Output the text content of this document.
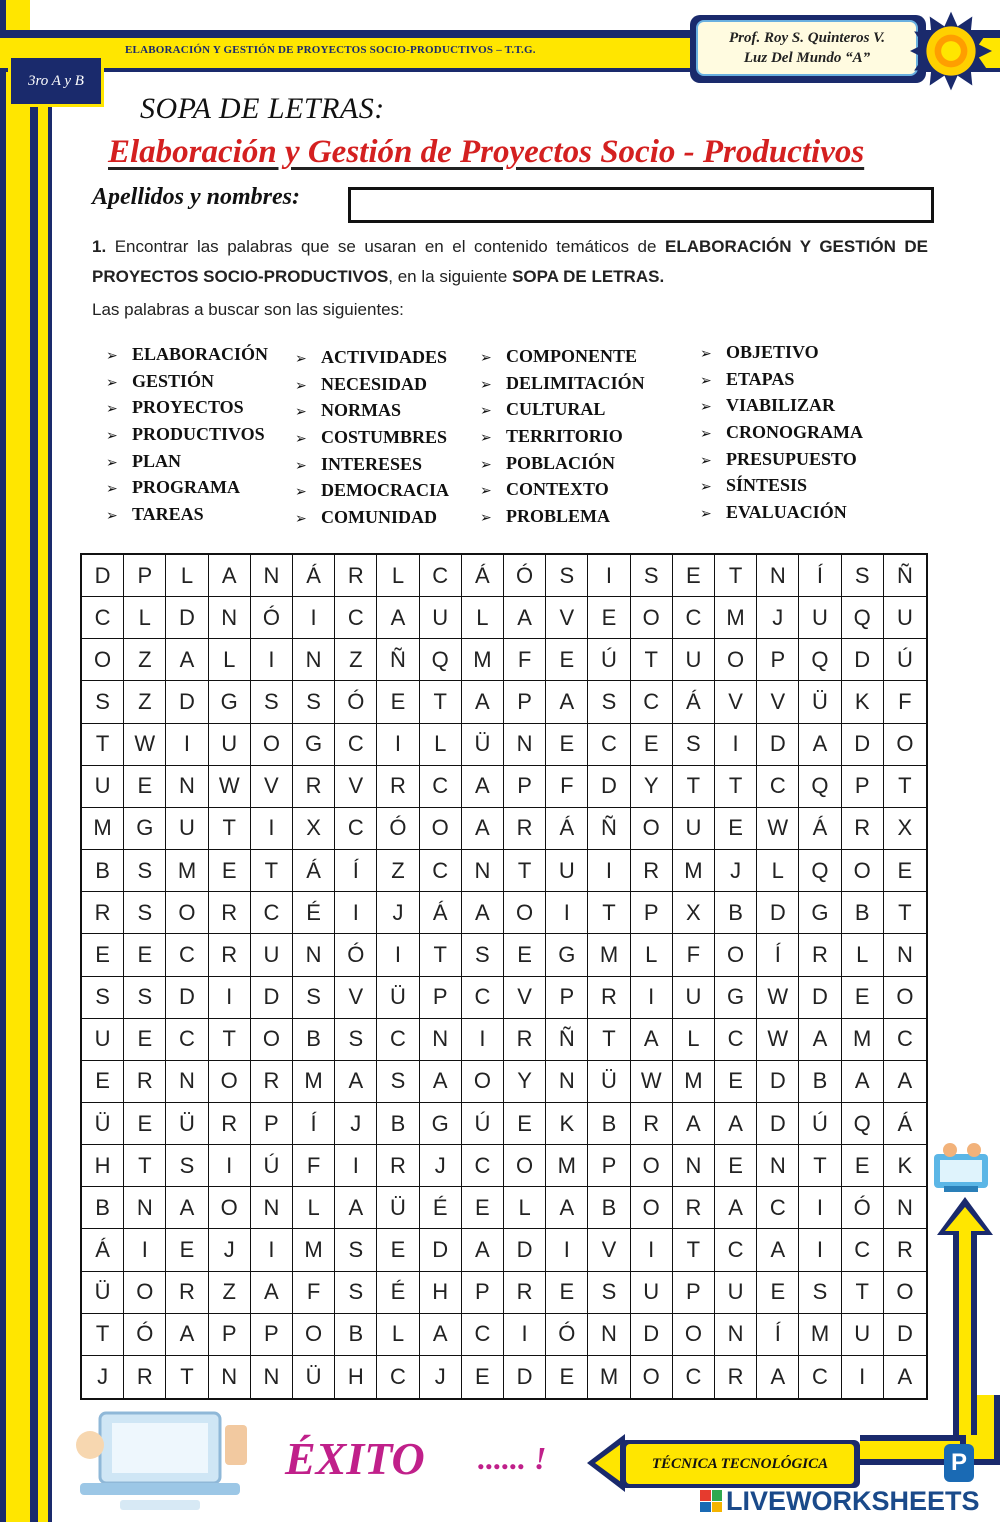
ELABORACIÓN Y GESTIÓN DE PROYECTOS SOCIO-PRODUCTIVOS – T.T.G.
3ro A y B
Prof. Roy S. Quinteros V.
Luz Del Mundo “A”
SOPA DE LETRAS:
Elaboración y Gestión de Proyectos Socio - Productivos
Apellidos y nombres:
1. Encontrar las palabras que se usaran en el contenido temáticos de ELABORACIÓN Y GESTIÓN DE PROYECTOS SOCIO-PRODUCTIVOS, en la siguiente SOPA DE LETRAS.
Las palabras a buscar son las siguientes:
➢ ELABORACIÓN
➢ GESTIÓN
➢ PROYECTOS
➢ PRODUCTIVOS
➢ PLAN
➢ PROGRAMA
➢ TAREAS
➢ ACTIVIDADES
➢ NECESIDAD
➢ NORMAS
➢ COSTUMBRES
➢ INTERESES
➢ DEMOCRACIA
➢ COMUNIDAD
➢ COMPONENTE
➢ DELIMITACIÓN
➢ CULTURAL
➢ TERRITORIO
➢ POBLACIÓN
➢ CONTEXTO
➢ PROBLEMA
➢ OBJETIVO
➢ ETAPAS
➢ VIABILIZAR
➢ CRONOGRAMA
➢ PRESUPUESTO
➢ SÍNTESIS
➢ EVALUACIÓN
D	P	L	A	N	Á	R	L	C	Á	Ó	S	I	S	E	T	N	Í	S	Ñ
C	L	D	N	Ó	I	C	A	U	L	A	V	E	O	C	M	J	U	Q	U
O	Z	A	L	I	N	Z	Ñ	Q	M	F	E	Ú	T	U	O	P	Q	D	Ú
S	Z	D	G	S	S	Ó	E	T	A	P	A	S	C	Á	V	V	Ü	K	F
T	W	I	U	O	G	C	I	L	Ü	N	E	C	E	S	I	D	A	D	O
U	E	N	W	V	R	V	R	C	A	P	F	D	Y	T	T	C	Q	P	T
M	G	U	T	I	X	C	Ó	O	A	R	Á	Ñ	O	U	E	W	Á	R	X
B	S	M	E	T	Á	Í	Z	C	N	T	U	I	R	M	J	L	Q	O	E
R	S	O	R	C	É	I	J	Á	A	O	I	T	P	X	B	D	G	B	T
E	E	C	R	U	N	Ó	I	T	S	E	G	M	L	F	O	Í	R	L	N
S	S	D	I	D	S	V	Ü	P	C	V	P	R	I	U	G	W	D	E	O
U	E	C	T	O	B	S	C	N	I	R	Ñ	T	A	L	C	W	A	M	C
E	R	N	O	R	M	A	S	A	O	Y	N	Ü	W	M	E	D	B	A	A
Ü	E	Ü	R	P	Í	J	B	G	Ú	E	K	B	R	A	A	D	Ú	Q	Á
H	T	S	I	Ú	F	I	R	J	C	O	M	P	O	N	E	N	T	E	K
B	N	A	O	N	L	A	Ü	É	E	L	A	B	O	R	A	C	I	Ó	N
Á	I	E	J	I	M	S	E	D	A	D	I	V	I	T	C	A	I	C	R
Ü	O	R	Z	A	F	S	É	H	P	R	E	S	U	P	U	E	S	T	O
T	Ó	A	P	P	O	B	L	A	C	I	Ó	N	D	O	N	Í	M	U	D
J	R	T	N	N	Ü	H	C	J	E	D	E	M	O	C	R	A	C	I	A
ÉXITO ...... !	TÉCNICA TECNOLÓGICA	P
LIVEWORKSHEETS
